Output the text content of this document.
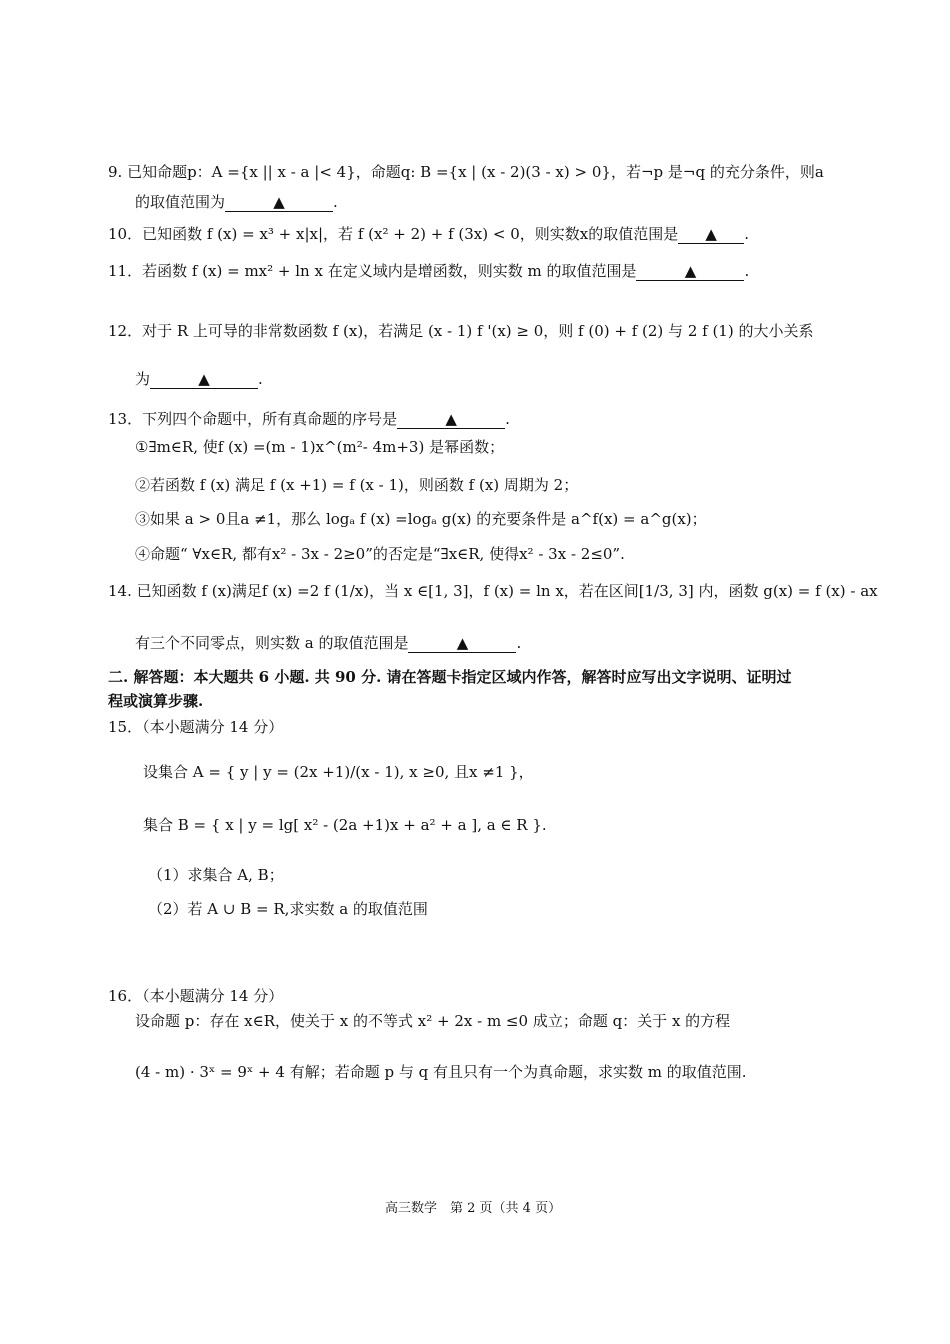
9. 已知命题p：A ={x || x - a |< 4}，命题q: B ={x | (x - 2)(3 - x) > 0}，若¬p 是¬q 的充分条件，则a
的取值范围为	▲	.
10．已知函数 f (x) = x³ + x|x|，若 f (x² + 2) + f (3x) < 0，则实数x的取值范围是 ▲ .
11．若函数 f (x) = mx² + ln x 在定义域内是增函数，则实数 m 的取值范围是	▲	.
12．对于 R 上可导的非常数函数 f (x)，若满足 (x - 1) f '(x) ≥ 0，则 f (0) + f (2) 与 2 f (1) 的大小关系
为	▲	.
13．下列四个命题中，所有真命题的序号是	▲	.
①∃m∈R, 使f (x) =(m - 1)x^(m²- 4m+3) 是幂函数；
②若函数 f (x) 满足 f (x +1) = f (x - 1)，则函数 f (x) 周期为 2；
③如果 a > 0且a ≠1，那么 logₐ f (x) =logₐ g(x) 的充要条件是 a^f(x) = a^g(x)；
④命题“ ∀x∈R, 都有x² - 3x - 2≥0”的否定是“∃x∈R, 使得x² - 3x - 2≤0”.
14. 已知函数 f (x)满足f (x) =2 f (1/x)，当 x ∈[1, 3]，f (x) = ln x，若在区间[1/3, 3] 内，函数 g(x) = f (x) - ax
有三个不同零点，则实数 a 的取值范围是	▲	.
二. 解答题：本大题共 6 小题. 共 90 分. 请在答题卡指定区域内作答，解答时应写出文字说明、证明过
程或演算步骤.
15．（本小题满分 14 分）
设集合 A = { y | y = (2x +1)/(x - 1), x ≥0, 且x ≠1 }，
集合 B = { x | y = lg[ x² - (2a +1)x + a² + a ], a ∈ R }.
（1）求集合 A, B；
（2）若 A ∪ B = R,求实数 a 的取值范围
16．（本小题满分 14 分）
设命题 p：存在 x∈R，使关于 x 的不等式 x² + 2x - m ≤0 成立；命题 q：关于 x 的方程
(4 - m) · 3ˣ = 9ˣ + 4 有解；若命题 p 与 q 有且只有一个为真命题，求实数 m 的取值范围.
高三数学　第 2 页（共 4 页）
